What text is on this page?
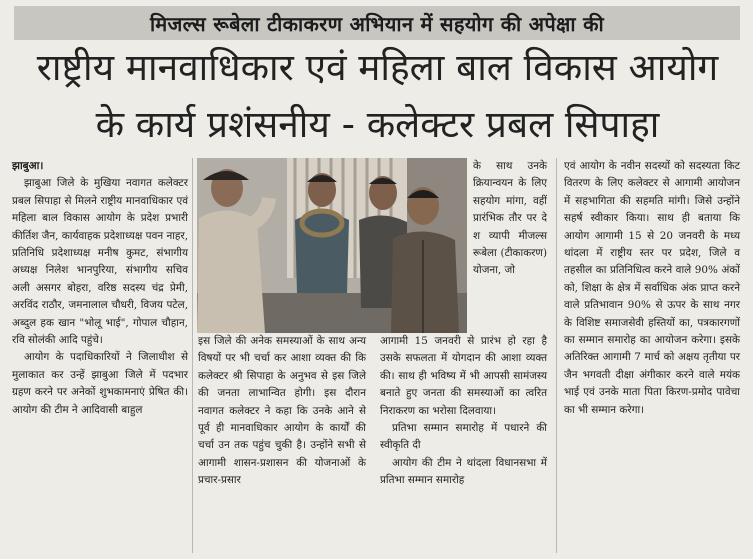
मिजल्स रूबेला टीकाकरण अभियान में सहयोग की अपेक्षा की
राष्ट्रीय मानवाधिकार एवं महिला बाल विकास आयोग
के कार्य प्रशंसनीय - कलेक्टर प्रबल सिपाहा
झाबुआ।

झाबुआ जिले के मुखिया नवागत कलेक्टर प्रबल सिपाहा से मिलने राष्ट्रीय मानवाधिकार एवं महिला बाल विकास आयोग के प्रदेश प्रभारी कीर्तिश जैन, कार्यवाहक प्रदेशाध्यक्ष पवन नाहर, प्रतिनिधि प्रदेशाध्यक्ष मनीष कुमट, संभागीय अध्यक्ष निलेश भानपुरिया, संभागीय सचिव अली असगर बोहरा, वरिष्ठ सदस्य चंद्र प्रेमी, अरविंद राठौर, जमनालाल चौधरी, विजय पटेल, अब्दुल हक खान "भोलू भाई", गोपाल चौहान, रवि सोलंकी आदि पहुंचे।

आयोग के पदाधिकारियों ने जिलाधीश से मुलाकात कर उन्हें झाबुआ जिले में पदभार ग्रहण करने पर अनेकों शुभकामनाएं प्रेषित की। आयोग की टीम ने आदिवासी बाहुल

इस जिले की अनेक समस्याओं के साथ अन्य विषयों पर भी चर्चा कर आशा व्यक्त की कि कलेक्टर श्री सिपाहा के अनुभव से इस जिले की जनता लाभान्वित होगी। इस दौरान नवागत कलेक्टर ने कहा कि उनके आने से पूर्व ही मानवाधिकार आयोग के कार्यों की चर्चा उन तक पहुंच चुकी है। उन्होंने सभी से आगामी शासन-प्रशासन की योजनाओं के प्रचार-प्रसार

के साथ उनके क्रियान्वयन के लिए सहयोग मांगा, वहीं प्रारंभिक तौर पर दे श व्यापी मीजल्स रूबेला (टीकाकरण) योजना, जो

आगामी 15 जनवरी से प्रारंभ हो रहा है उसके सफलता में योगदान की आशा व्यक्त की। साथ ही भविष्य में भी आपसी सामंजस्य बनाते हुए जनता की समस्याओं का त्वरित निराकरण का भरोसा दिलवाया।

प्रतिभा सम्मान समारोह में पधारने की स्वीकृति दी

आयोग की टीम ने थांदला विधानसभा में प्रतिभा सम्मान समारोह

एवं आयोग के नवीन सदस्यों को सदस्यता किट वितरण के लिए कलेक्टर से आगामी आयोजन में सहभागिता की सहमति मांगी। जिसे उन्होंने सहर्ष स्वीकार किया। साथ ही बताया कि आयोग आगामी 15 से 20 जनवरी के मध्य थांदला में राष्ट्रीय स्तर पर प्रदेश, जिले व तहसील का प्रतिनिधित्व करने वाले 90% अंकों को, शिक्षा के क्षेत्र में सर्वाधिक अंक प्राप्त करने वाले प्रतिभावान 90% से ऊपर के साथ नगर के विशिष्ट समाजसेवी हस्तियों का, पत्रकारगणों का सम्मान समारोह का आयोजन करेगा। इसके अतिरिक्त आगामी 7 मार्च को अक्षय तृतीया पर जैन भगवती दीक्षा अंगीकार करने वाले मयंक भाई एवं उनके माता पिता किरण-प्रमोद पावेचा का भी सम्मान करेगा।
